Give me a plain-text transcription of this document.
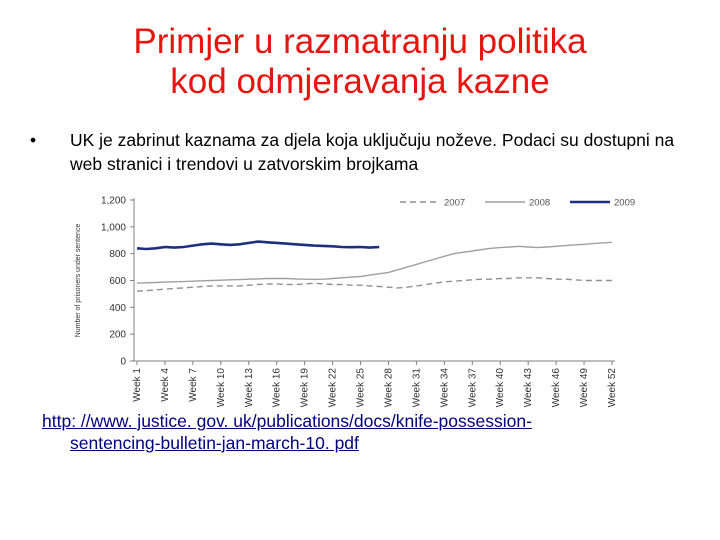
Primjer u razmatranju politika
kod odmjeravanja kazne
• UK je zabrinut kaznama za djela koja uključuju noževe. Podaci su dostupni na web stranici i trendovi u zatvorskim brojkama
0
200
400
600
800
1,000
1,200
Number of prisoners under sentence
Week 1 Week 4 Week 7 Week 10 Week 13 Week 16 Week 19 Week 22 Week 25 Week 28 Week 31 Week 34 Week 37 Week 40 Week 43 Week 46 Week 49 Week 52
2007	2008	2009
http: //www. justice. gov. uk/publications/docs/knife-possession-
sentencing-bulletin-jan-march-10. pdf
